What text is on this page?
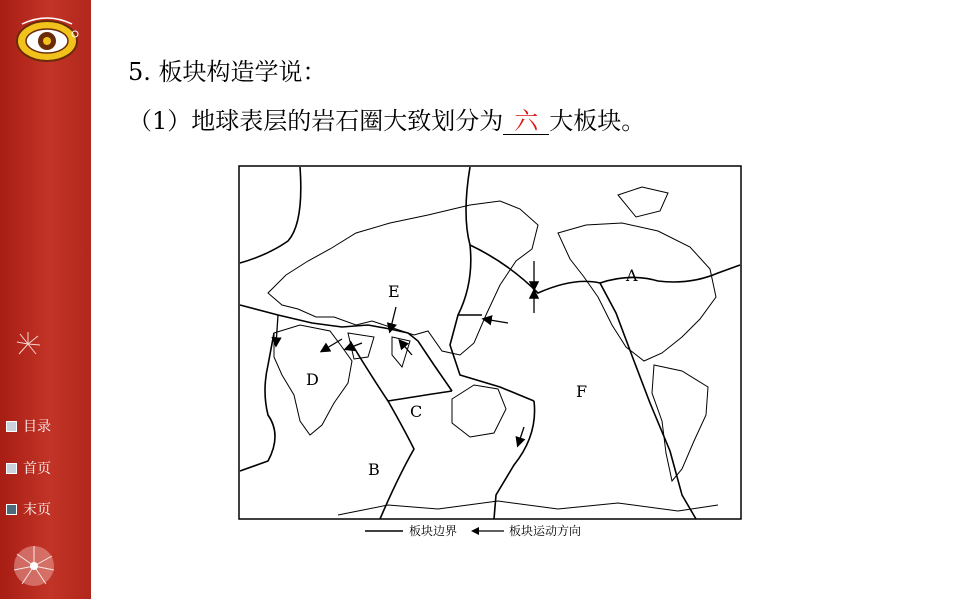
目录
首页
末页
5. 板块构造学说：
（1）地球表层的岩石圈大致划分为 六 大板块。
A
B
C
D
E
F
板块边界	板块运动方向
